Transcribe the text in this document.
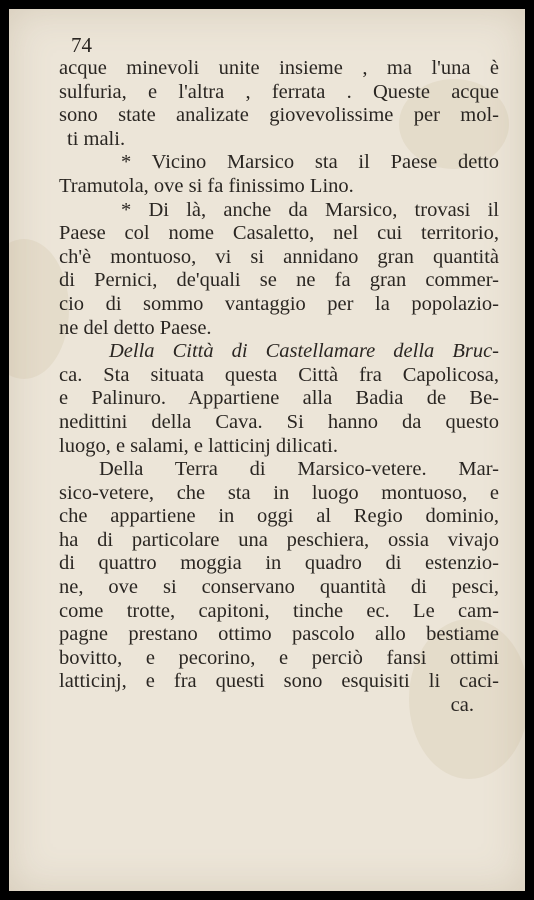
74
acque minevoli unite insieme , ma l'una è
sulfuria, e l'altra , ferrata . Queste acque
sono state analizate giovevolissime per mol-
ti mali.
* Vicino Marsico sta il Paese detto
Tramutola, ove si fa finissimo Lino.
* Di là, anche da Marsico, trovasi il
Paese col nome Casaletto, nel cui territorio,
ch'è montuoso, vi si annidano gran quantità
di Pernici, de'quali se ne fa gran commer-
cio di sommo vantaggio per la popolazio-
ne del detto Paese.
Della Città di Castellamare della Bruc-
ca. Sta situata questa Città fra Capolicosa,
e Palinuro. Appartiene alla Badia de Be-
nedittini della Cava. Si hanno da questo
luogo, e salami, e latticinj dilicati.
Della Terra di Marsico-vetere. Mar-
sico-vetere, che sta in luogo montuoso, e
che appartiene in oggi al Regio dominio,
ha di particolare una peschiera, ossia vivajo
di quattro moggia in quadro di estenzio-
ne, ove si conservano quantità di pesci,
come trotte, capitoni, tinche ec. Le cam-
pagne prestano ottimo pascolo allo bestiame
bovitto, e pecorino, e perciò fansi ottimi
latticinj, e fra questi sono esquisiti li caci-
ca.
